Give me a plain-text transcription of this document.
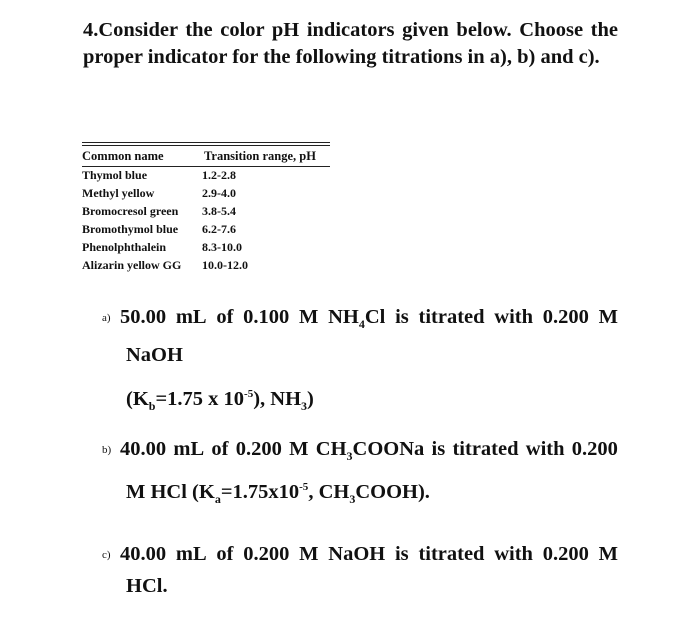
4.Consider the color pH indicators given below. Choose the proper indicator for the following titrations in a), b) and c).
Common name	Transition range, pH

Thymol blue	1.2-2.8
Methyl yellow	2.9-4.0
Bromocresol green	3.8-5.4
Bromothymol blue	6.2-7.6
Phenolphthalein	8.3-10.0
Alizarin yellow GG	10.0-12.0
a) 50.00 mL of 0.100 M $NH_4Cl$ is titrated with 0.200 M
NaOH
($K_b=1.75$ x $10^{-5}$), $NH_3$)
b) 40.00 mL of 0.200 M $CH_3COONa$ is titrated with 0.200
M HCl ($K_a=1.75x10^{-5}$, $CH_3COOH$).
c) 40.00 mL of 0.200 M NaOH is titrated with 0.200 M
HCl.
